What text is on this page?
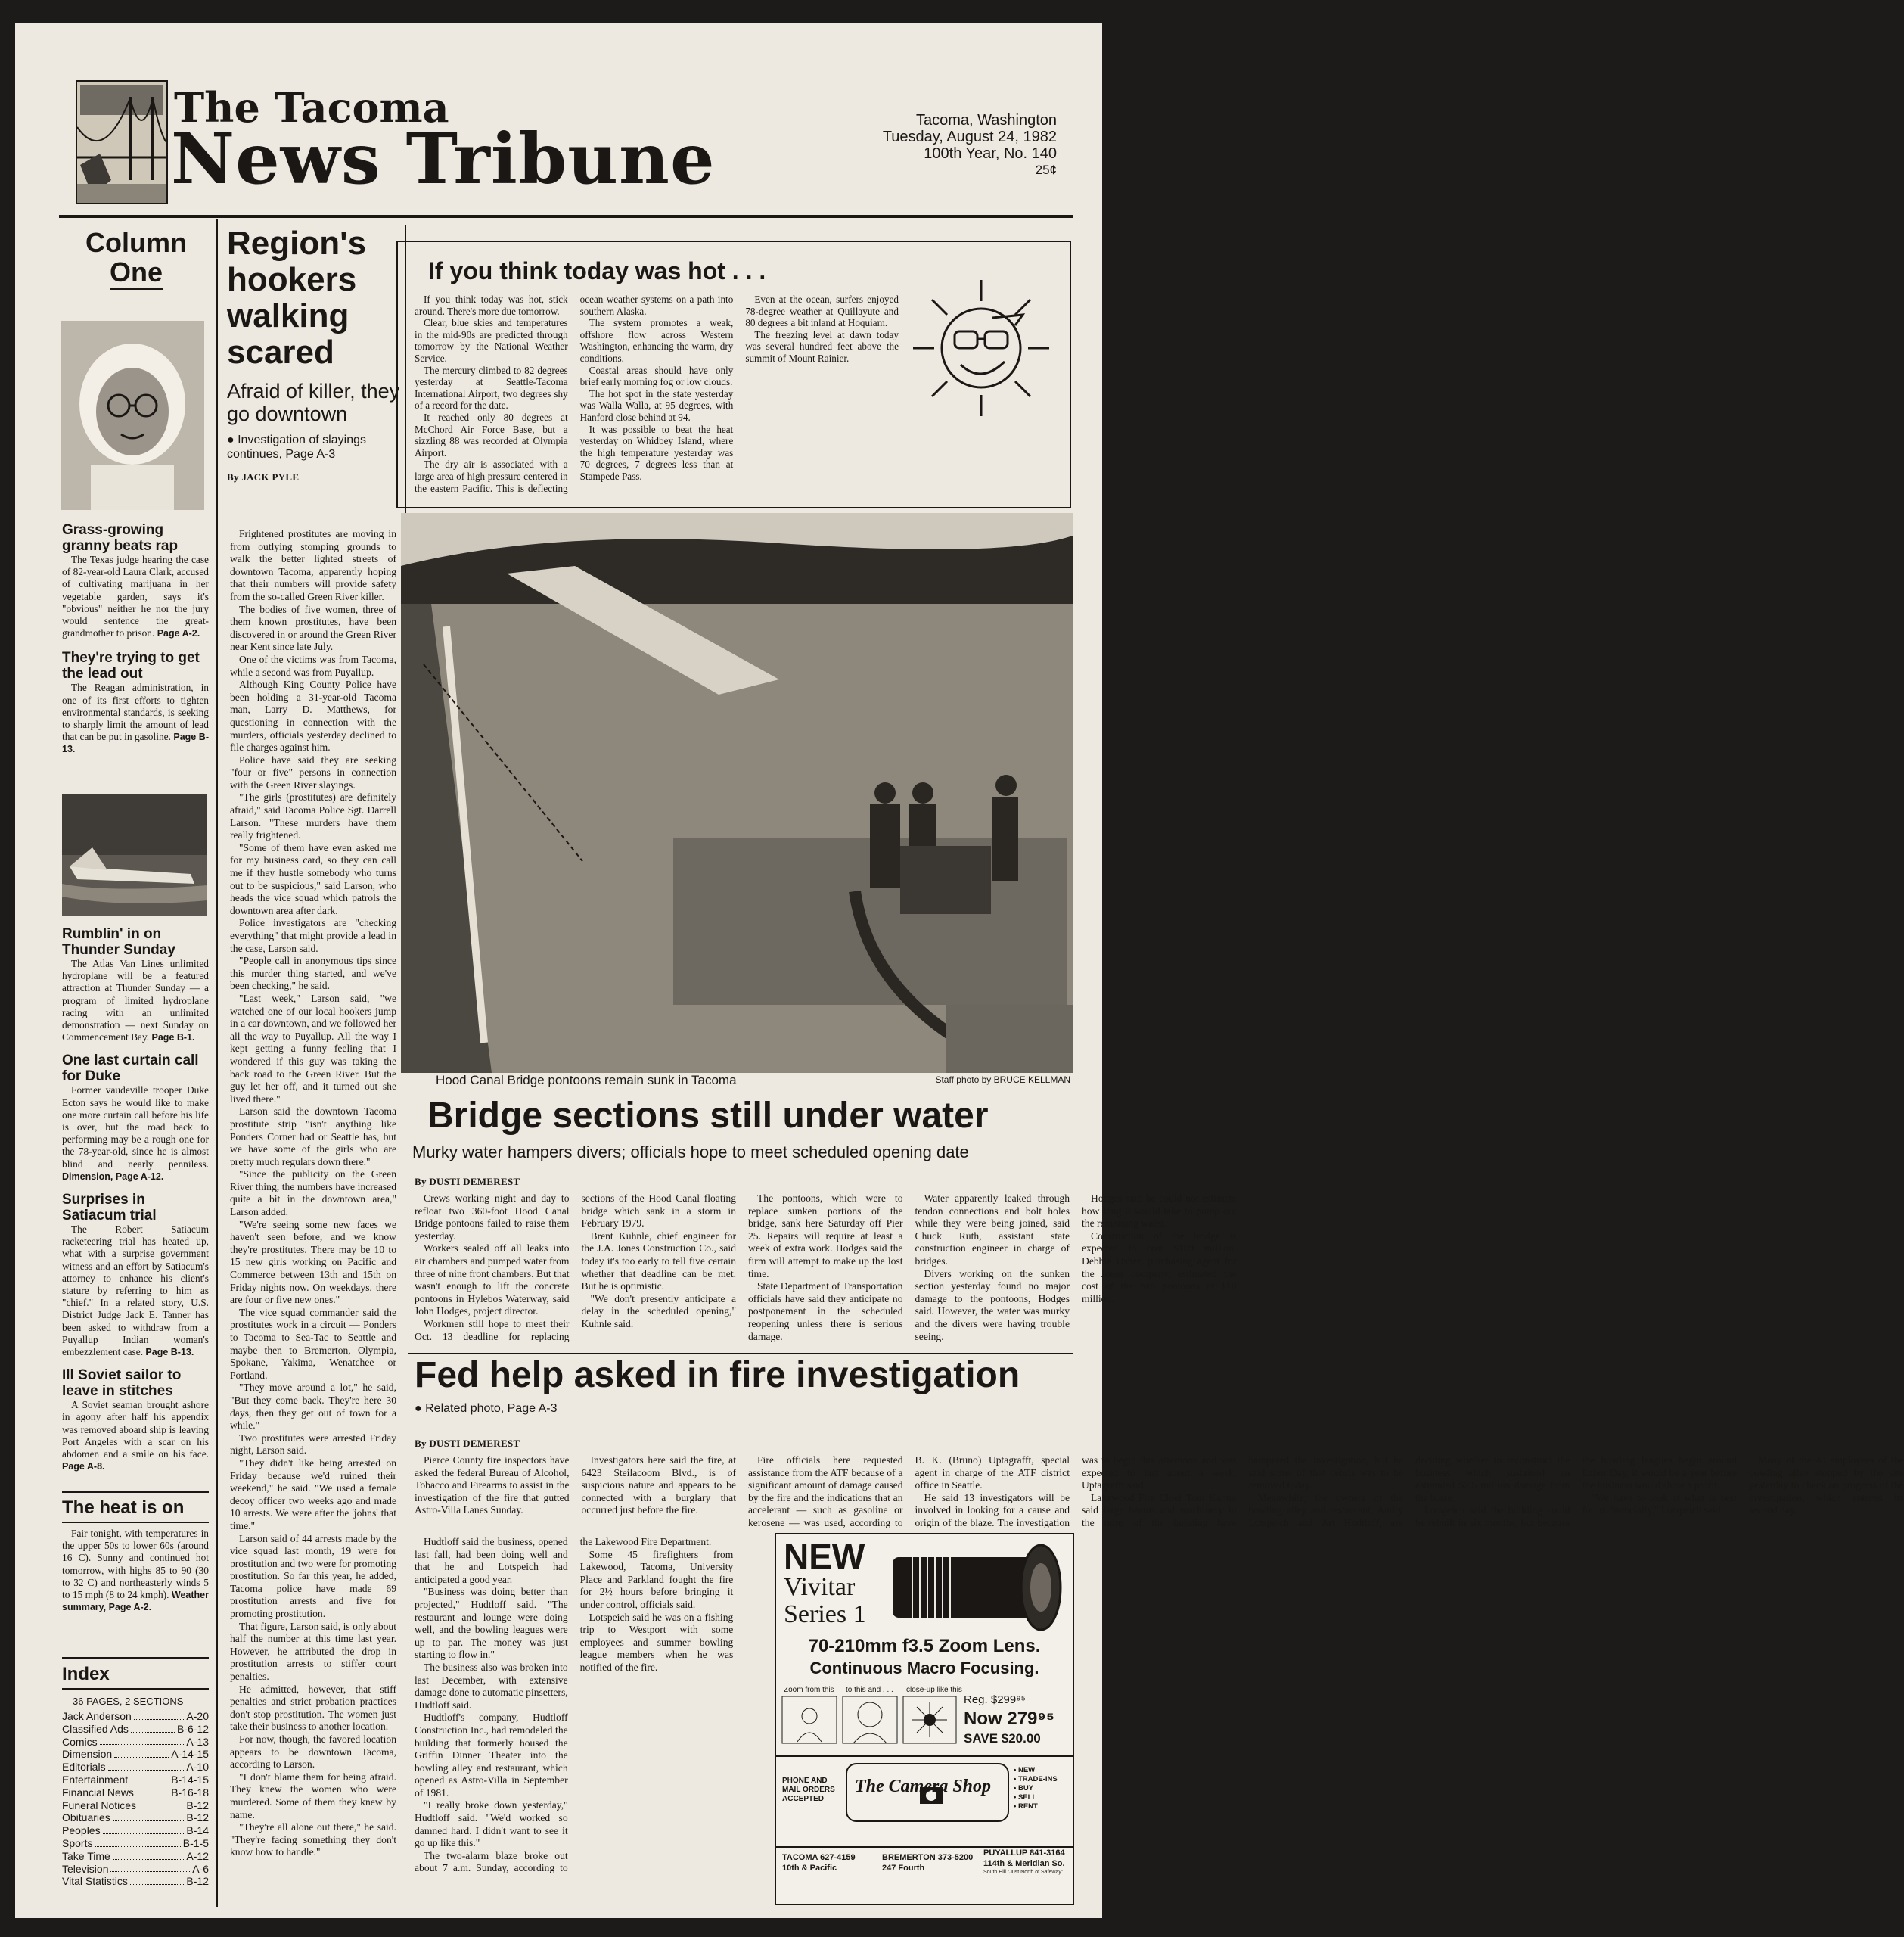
The Tacoma
News Tribune	Tacoma, Washington
Tuesday, August 24, 1982
100th Year, No. 140
25¢
Column
One
Grass-growing granny beats rap
The Texas judge hearing the case of 82-year-old Laura Clark, accused of cultivating marijuana in her vegetable garden, says it's "obvious" neither he nor the jury would sentence the great-grandmother to prison. Page A-2.
They're trying to get the lead out
The Reagan administration, in one of its first efforts to tighten environmental standards, is seeking to sharply limit the amount of lead that can be put in gasoline. Page B-13.
Rumblin' in on Thunder Sunday
The Atlas Van Lines unlimited hydroplane will be a featured attraction at Thunder Sunday — a program of limited hydroplane racing with an unlimited demonstration — next Sunday on Commencement Bay. Page B-1.
One last curtain call for Duke
Former vaudeville trooper Duke Ecton says he would like to make one more curtain call before his life is over, but the road back to performing may be a rough one for the 78-year-old, since he is almost blind and nearly penniless. Dimension, Page A-12.
Surprises in Satiacum trial
The Robert Satiacum racketeering trial has heated up, what with a surprise government witness and an effort by Satiacum's attorney to enhance his client's stature by referring to him as "chief." In a related story, U.S. District Judge Jack E. Tanner has been asked to withdraw from a Puyallup Indian woman's embezzlement case. Page B-13.
Ill Soviet sailor to leave in stitches
A Soviet seaman brought ashore in agony after half his appendix was removed aboard ship is leaving Port Angeles with a scar on his abdomen and a smile on his face. Page A-8.
The heat is on
Fair tonight, with temperatures in the upper 50s to lower 60s (around 16 C). Sunny and continued hot tomorrow, with highs 85 to 90 (30 to 32 C) and northeasterly winds 5 to 15 mph (8 to 24 kmph). Weather summary, Page A-2.
Index
36 PAGES, 2 SECTIONS
Jack Anderson	A-20
Classified Ads	B-6-12
Comics	A-13
Dimension	A-14-15
Editorials	A-10
Entertainment	B-14-15
Financial News	B-16-18
Funeral Notices	B-12
Obituaries	B-12
Peoples	B-14
Sports	B-1-5
Take Time	A-12
Television	A-6
Vital Statistics	B-12
Region's hookers walking scared
Afraid of killer, they go downtown
● Investigation of slayings continues, Page A-3
By JACK PYLE

Frightened prostitutes are moving in from outlying stomping grounds to walk the better lighted streets of downtown Tacoma, apparently hoping that their numbers will provide safety from the so-called Green River killer.

The bodies of five women, three of them known prostitutes, have been discovered in or around the Green River near Kent since late July.

One of the victims was from Tacoma, while a second was from Puyallup.

Although King County Police have been holding a 31-year-old Tacoma man, Larry D. Matthews, for questioning in connection with the murders, officials yesterday declined to file charges against him.

Police have said they are seeking "four or five" persons in connection with the Green River slayings.

"The girls (prostitutes) are definitely afraid," said Tacoma Police Sgt. Darrell Larson. "These murders have them really frightened.

"Some of them have even asked me for my business card, so they can call me if they hustle somebody who turns out to be suspicious," said Larson, who heads the vice squad which patrols the downtown area after dark.

Police investigators are "checking everything" that might provide a lead in the case, Larson said.

"People call in anonymous tips since this murder thing started, and we've been checking," he said.

"Last week," Larson said, "we watched one of our local hookers jump in a car downtown, and we followed her all the way to Puyallup. All the way I kept getting a funny feeling that I wondered if this guy was taking the back road to the Green River. But the guy let her off, and it turned out she lived there."

Larson said the downtown Tacoma prostitute strip "isn't anything like Ponders Corner had or Seattle has, but we have some of the girls who are pretty much regulars down there."

"Since the publicity on the Green River thing, the numbers have increased quite a bit in the downtown area," Larson added.

"We're seeing some new faces we haven't seen before, and we know they're prostitutes. There may be 10 to 15 new girls working on Pacific and Commerce between 13th and 15th on Friday nights now. On weekdays, there are four or five new ones."

The vice squad commander said the prostitutes work in a circuit — Ponders to Tacoma to Sea-Tac to Seattle and maybe then to Bremerton, Olympia, Spokane, Yakima, Wenatchee or Portland.

"They move around a lot," he said, "But they come back. They're here 30 days, then they get out of town for a while."

Two prostitutes were arrested Friday night, Larson said.

"They didn't like being arrested on Friday because we'd ruined their weekend," he said. "We used a female decoy officer two weeks ago and made 10 arrests. We were after the 'johns' that time."

Larson said of 44 arrests made by the vice squad last month, 19 were for prostitution and two were for promoting prostitution. So far this year, he added, Tacoma police have made 69 prostitution arrests and five for promoting prostitution.

That figure, Larson said, is only about half the number at this time last year. However, he attributed the drop in prostitution arrests to stiffer court penalties.

He admitted, however, that stiff penalties and strict probation practices don't stop prostitution. The women just take their business to another location.

For now, though, the favored location appears to be downtown Tacoma, according to Larson.

"I don't blame them for being afraid. They knew the women who were murdered. Some of them they knew by name.

"They're all alone out there," he said. "They're facing something they don't know how to handle."

If you think today was hot . . .

If you think today was hot, stick around. There's more due tomorrow.

Clear, blue skies and temperatures in the mid-90s are predicted through tomorrow by the National Weather Service.

The mercury climbed to 82 degrees yesterday at Seattle-Tacoma International Airport, two degrees shy of a record for the date.

It reached only 80 degrees at McChord Air Force Base, but a sizzling 88 was recorded at Olympia Airport.

The dry air is associated with a large area of high pressure centered in the eastern Pacific. This is deflecting ocean weather systems on a path into southern Alaska.

The system promotes a weak, offshore flow across Western Washington, enhancing the warm, dry conditions.

Coastal areas should have only brief early morning fog or low clouds.

The hot spot in the state yesterday was Walla Walla, at 95 degrees, with Hanford close behind at 94.

It was possible to beat the heat yesterday on Whidbey Island, where the high temperature yesterday was 70 degrees, 7 degrees less than at Stampede Pass.

Even at the ocean, surfers enjoyed 78-degree weather at Quillayute and 80 degrees a bit inland at Hoquiam.

The freezing level at dawn today was several hundred feet above the summit of Mount Rainier.

Hood Canal Bridge pontoons remain sunk in Tacoma	Staff photo by BRUCE KELLMAN
Bridge sections still under water
Murky water hampers divers; officials hope to meet scheduled opening date
By DUSTI DEMEREST

Crews working night and day to refloat two 360-foot Hood Canal Bridge pontoons failed to raise them yesterday.

Workers sealed off all leaks into air chambers and pumped water from three of nine front chambers. But that wasn't enough to lift the concrete pontoons in Hylebos Waterway, said John Hodges, project director.

Workmen still hope to meet their Oct. 13 deadline for replacing sections of the Hood Canal floating bridge which sank in a storm in February 1979.

Brent Kuhnle, chief engineer for the J.A. Jones Construction Co., said today it's too early to tell five certain whether that deadline can be met. But he is optimistic.

"We don't presently anticipate a delay in the scheduled opening," Kuhnle said.

The pontoons, which were to replace sunken portions of the bridge, sank here Saturday off Pier 25. Repairs will require at least a week of extra work. Hodges said the firm will attempt to make up the lost time.

State Department of Transportation officials have said they anticipate no postponement in the scheduled reopening unless there is serious damage.

Water apparently leaked through tendon connections and bolt holes while they were being joined, said Chuck Ruth, assistant state construction engineer in charge of bridges.

Divers working on the sunken section yesterday found no major damage to the pontoons, Hodges said. However, the water was murky and the divers were having trouble seeing.

Hodges said he could not estimate how long it would take to pump out the remaining water.

Construction of the bridge is expected to cost $109 million. Debbie Usher, purchasing agent for the Jones company, estimated the cost of the two pontoons at $10 million.

Fed help asked in fire investigation
● Related photo, Page A-3
By DUSTI DEMEREST

Pierce County fire inspectors have asked the federal Bureau of Alcohol, Tobacco and Firearms to assist in the investigation of the fire that gutted Astro-Villa Lanes Sunday.

Investigators here said the fire, at 6423 Steilacoom Blvd., is of suspicious nature and appears to be connected with a burglary that occurred just before the fire.

Fire officials here requested assistance from the ATF because of a significant amount of damage caused by the fire and the indications that an accelerant — such as gasoline or kerosene — was used, according to B. K. (Bruno) Uptagrafft, special agent in charge of the ATF district office in Seattle.

He said 13 investigators will be involved in looking for a cause and origin of the blaze. The investigation was to begin this afternoon and was expected to last about a week, Uptagrafft said.

Lakewood Fire Chief Tom Kanno said large beams and machinery in the ruins of the building have hampered the investigation, but he said some of that debris was to be removed today.

Meanwhile, the owners of the bowling alley and restaurant, Audry Lotspeich and Art Hudtloff, are deciding whether to reconstruct the business which sustained an estimated $2.5 million damage from the blaze.

Lotspeich said the building could be rebuilt in six months, but because the bowling leagues begin around Labor Day, it would be a year before the business would show a profit.

"We have to look at what is best for us financially," Lotspeich said.

Many of the 40 employees of the bowling alley stopped by the site yesterday to check on progress of the investigation, which entered its second day.

Hudtloff said the business, opened last fall, had been doing well and that he and Lotspeich had anticipated a good year.

"Business was doing better than projected," Hudtloff said. "The restaurant and lounge were doing well, and the bowling leagues were up to par. The money was just starting to flow in."

The business also was broken into last December, with extensive damage done to automatic pinsetters, Hudtloff said.

Hudtloff's company, Hudtloff Construction Inc., had remodeled the building that formerly housed the Griffin Dinner Theater into the bowling alley and restaurant, which opened as Astro-Villa in September of 1981.

"I really broke down yesterday," Hudtloff said. "We'd worked so damned hard. I didn't want to see it go up like this."

The two-alarm blaze broke out about 7 a.m. Sunday, according to the Lakewood Fire Department.

Some 45 firefighters from Lakewood, Tacoma, University Place and Parkland fought the fire for 2½ hours before bringing it under control, officials said.

Lotspeich said he was on a fishing trip to Westport with some employees and summer bowling league members when he was notified of the fire.

NEW
Vivitar
Series 1
70-210mm f3.5 Zoom Lens.
Continuous Macro Focusing.
Zoom from this to this and . . . close-up like this
Reg. $299⁹⁵
Now 279⁹⁵
SAVE $20.00
PHONE AND MAIL ORDERS ACCEPTED
The Camera Shop
• NEW
• TRADE-INS
• BUY
• SELL
• RENT
TACOMA 627-4159
10th & Pacific
BREMERTON 373-5200
247 Fourth
PUYALLUP 841-3164
114th & Meridian So.
South Hill "Just North of Safeway"
